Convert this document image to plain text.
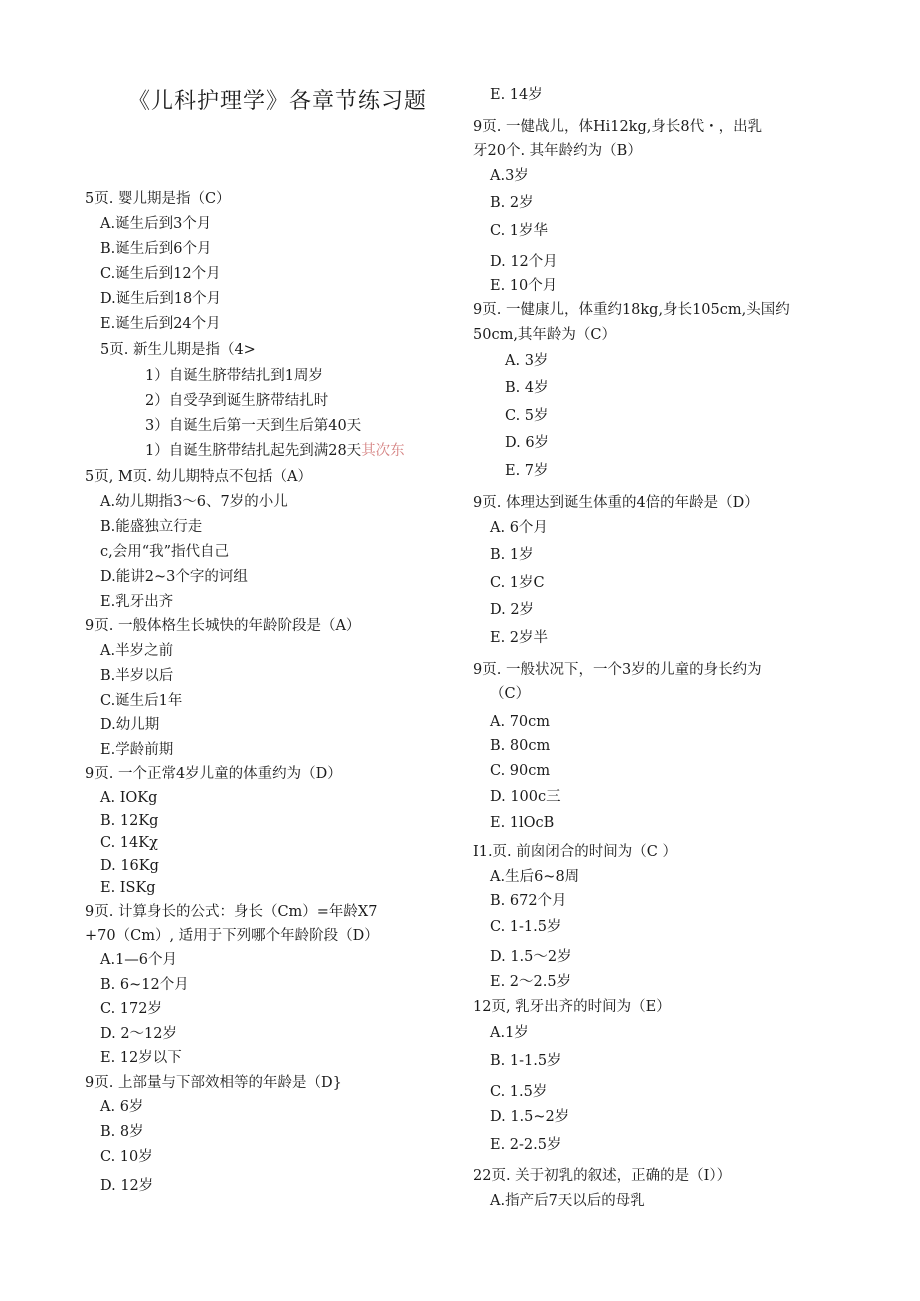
《儿科护理学》各章节练习题
5页. 婴儿期是指（C）
A.诞生后到3个月
B.诞生后到6个月
C.诞生后到12个月
D.诞生后到18个月
E.诞生后到24个月
5页. 新生儿期是指（4>
1）自诞生脐带结扎到1周岁
2）自受孕到诞生脐带结扎时
3）自诞生后第一天到生后第40天
1）自诞生脐带结扎起先到满28天其次东
5页, M页. 幼儿期特点不包括（A）
A.幼儿期指3～6、7岁的小儿
B.能盛独立行走
c,会用“我”指代自己
D.能讲2~3个字的诃组
E.乳牙出齐
9页. 一般体格生长城快的年龄阶段是（A）
A.半岁之前
B.半岁以后
C.诞生后1年
D.幼儿期
E.学龄前期
9页. 一个正常4岁儿童的体重约为（D）
A. IOKg
B. 12Kg
C. 14Kχ
D. 16Kg
E. ISKg
9页. 计算身长的公式：身长（Cm）=年龄X7
+70（Cm）, 适用于下列哪个年龄阶段（D）
A.1—6个月
B. 6~12个月
C. 172岁
D. 2～12岁
E. 12岁以下
9页. 上部量与下部效相等的年龄是（D}
A. 6岁
B. 8岁
C. 10岁
D. 12岁
E. 14岁
9页. 一健战儿，体Hi12kg,身长8代・，出乳
牙20个. 其年龄约为（B）
A.3岁
B. 2岁
C. 1岁华
D. 12个月
E. 10个月
9页. 一健康儿，体重约18kg,身长105cm,头国约
50cm,其年龄为（C）
A. 3岁
B. 4岁
C. 5岁
D. 6岁
E. 7岁
9页. 体理达到诞生体重的4倍的年龄是（D）
A. 6个月
B. 1岁
C. 1岁C
D. 2岁
E. 2岁半
9页. 一般状况下，一个3岁的儿童的身长约为
（C）
A. 70cm
B. 80cm
C. 90cm
D. 100c三
E. 1lOcB
I1.页. 前囱闭合的时间为（C ）
A.生后6~8周
B. 672个月
C. 1-1.5岁
D. 1.5～2岁
E. 2～2.5岁
12页, 乳牙出齐的时间为（E）
A.1岁
B. 1-1.5岁
C. 1.5岁
D. 1.5~2岁
E. 2-2.5岁
22页. 关于初乳的叙述，正确的是（I））
A.指产后7天以后的母乳
